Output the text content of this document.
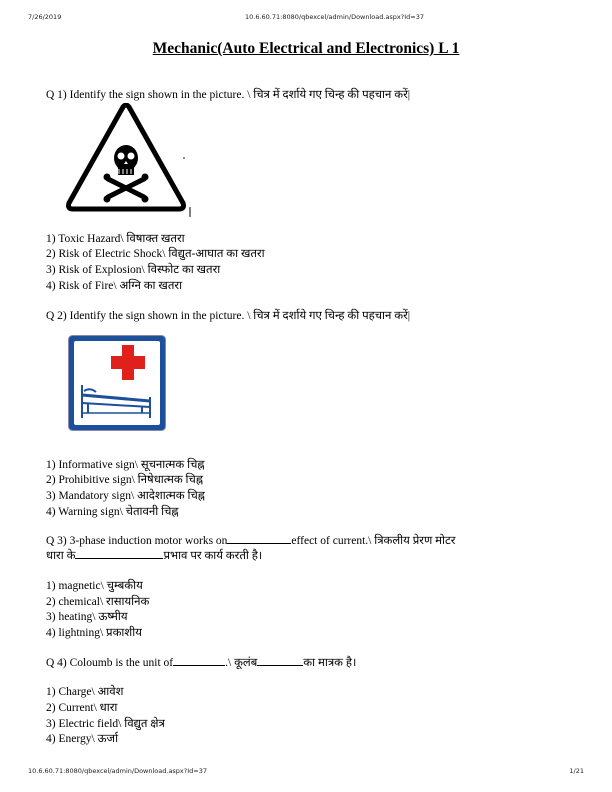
7/26/2019	10.6.60.71:8080/qbexcel/admin/Download.aspx?Id=37
Mechanic(Auto Electrical and Electronics) L 1
Q 1) Identify the sign shown in the picture. \ चित्र में दर्शाये गए चिन्ह की पहचान करें|
1) Toxic Hazard\ विषाक्त खतरा
2) Risk of Electric Shock\ विद्युत-आघात का खतरा
3) Risk of Explosion\ विस्फोट का खतरा
4) Risk of Fire\ अग्नि का खतरा
Q 2) Identify the sign shown in the picture. \ चित्र में दर्शाये गए चिन्ह की पहचान करें|
1) Informative sign\ सूचनात्मक चिह्न
2) Prohibitive sign\ निषेधात्मक चिह्न
3) Mandatory sign\ आदेशात्मक चिह्न
4) Warning sign\ चेतावनी चिह्न
Q 3) 3-phase induction motor works on	effect of current.\ त्रिकलीय प्रेरण मोटर
धारा के	प्रभाव पर कार्य करती है।
1) magnetic\ चुम्बकीय
2) chemical\ रासायनिक
3) heating\ ऊष्मीय
4) lightning\ प्रकाशीय
Q 4) Coloumb is the unit of	.\ कूलंब	का मात्रक है।
1) Charge\ आवेश
2) Current\ धारा
3) Electric field\ विद्युत क्षेत्र
4) Energy\ ऊर्जा
10.6.60.71:8080/qbexcel/admin/Download.aspx?Id=37	1/21
